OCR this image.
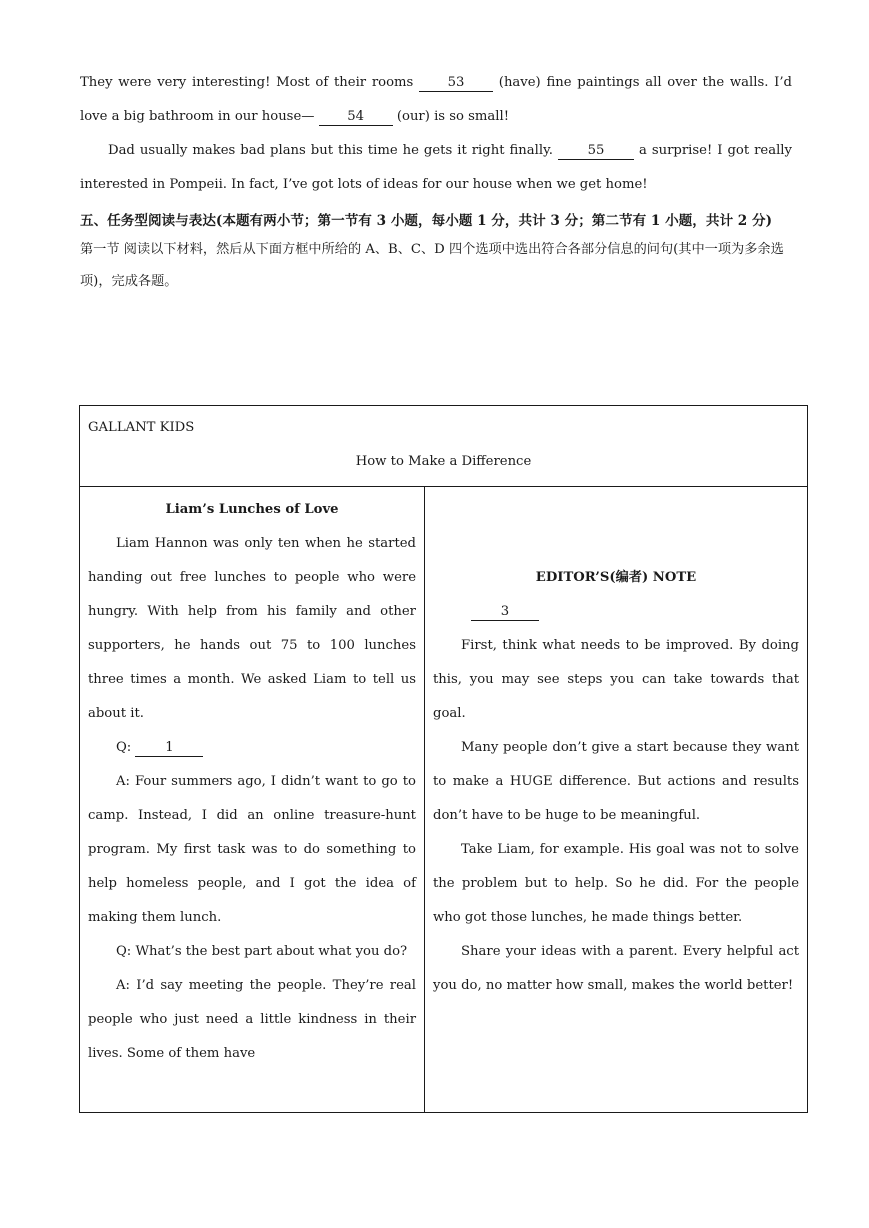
They were very interesting! Most of their rooms	53	(have) fine paintings all over the walls. I’d love a big bathroom in our house— 54 (our) is so small!

Dad usually makes bad plans but this time he gets it right finally.	55	a surprise! I got really interested in Pompeii. In fact, I’ve got lots of ideas for our house when we get home!

五、任务型阅读与表达(本题有两小节；第一节有 3 小题，每小题 1 分，共计 3 分；第二节有 1 小题，共计 2 分)

第一节 阅读以下材料，然后从下面方框中所给的 A、B、C、D 四个选项中选出符合各部分信息的问句(其中一项为多余选项)，完成各题。

GALLANT KIDS
How to Make a Difference

Liam’s Lunches of Love

Liam Hannon was only ten when he started handing out free lunches to people who were hungry. With help from his family and other supporters, he hands out 75 to 100 lunches three times a month. We asked Liam to tell us about it.

Q:	1

A: Four summers ago, I didn’t want to go to camp. Instead, I did an online treasure-hunt program. My first task was to do something to help homeless people, and I got the idea of making them lunch.

Q: What’s the best part about what you do?

A: I’d say meeting the people. They’re real people who just need a little kindness in their lives. Some of them have

EDITOR’S(编者) NOTE

3

First, think what needs to be improved. By doing this, you may see steps you can take towards that goal.

Many people don’t give a start because they want to make a HUGE difference. But actions and results don’t have to be huge to be meaningful.

Take Liam, for example. His goal was not to solve the problem but to help. So he did. For the people who got those lunches, he made things better.

Share your ideas with a parent. Every helpful act you do, no matter how small, makes the world better!
